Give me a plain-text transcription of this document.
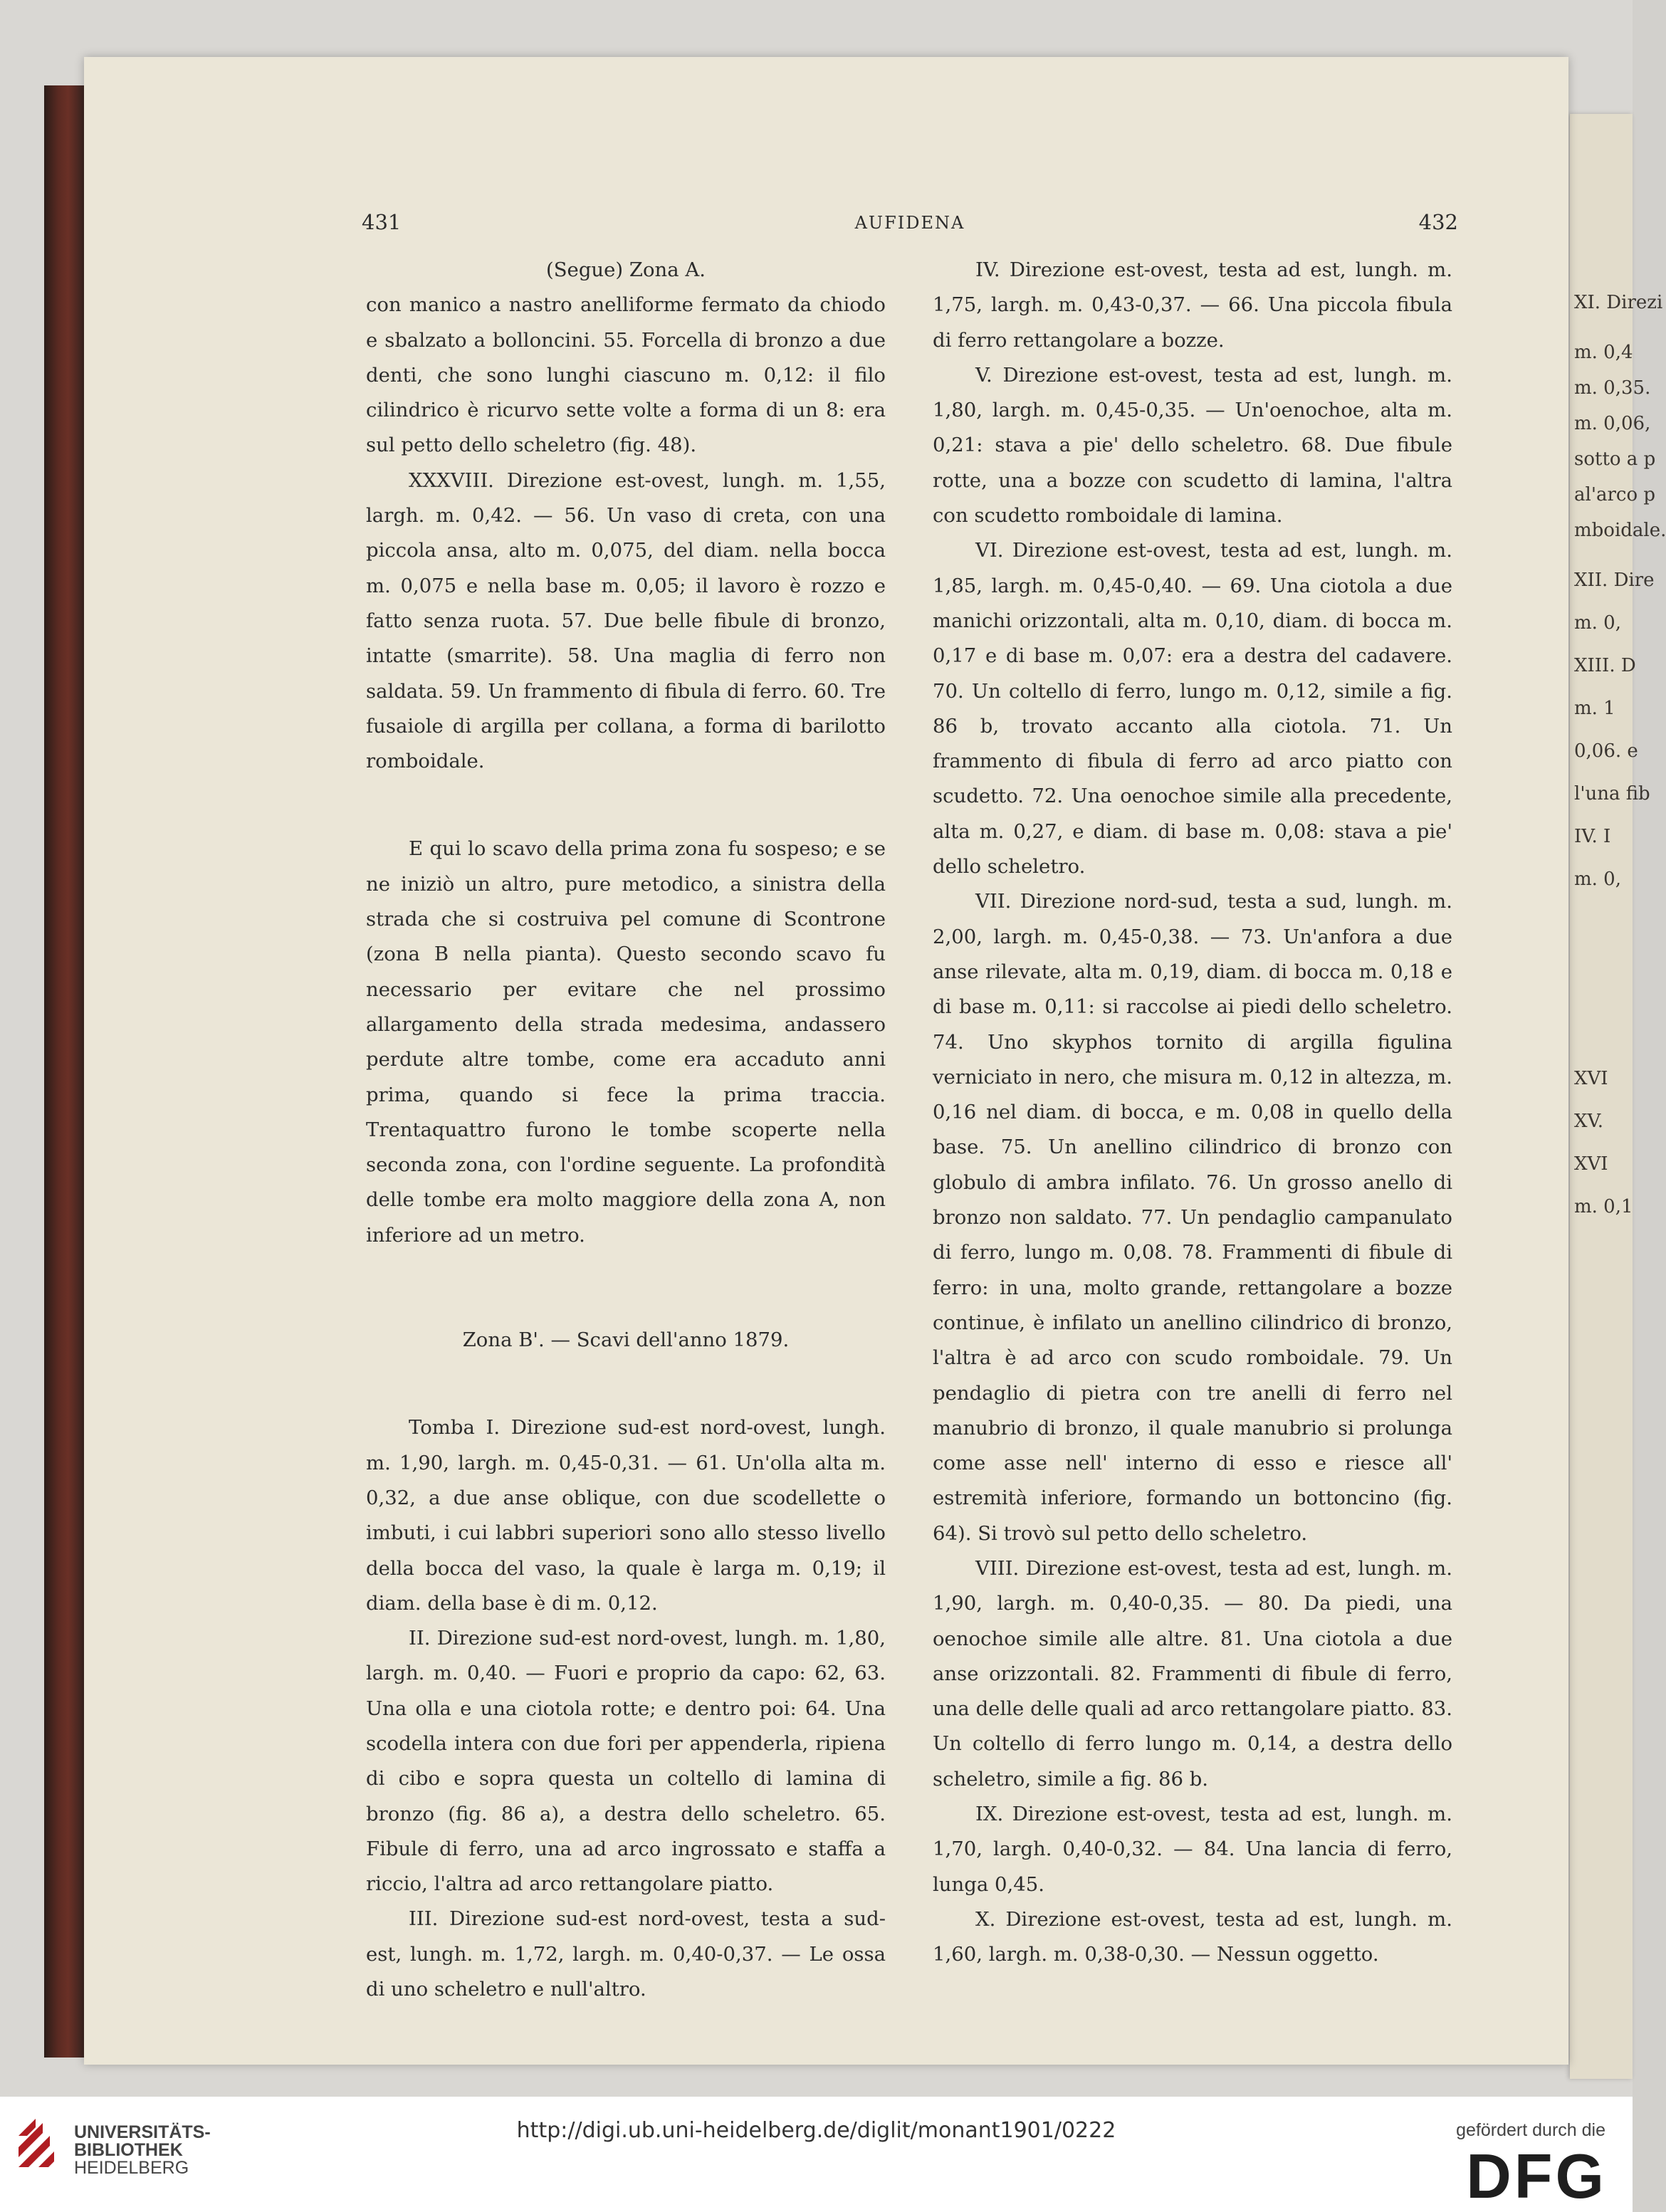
XI. Direzi
m. 0,4
m. 0,35.
m. 0,06,
sotto a p
al'arco p
mboidale.
XII. Dire
m. 0,
XIII. D
m. 1
0,06. e
l'una fib
IV. I
m. 0,
XVI
XV.
XVI
m. 0,1
431	AUFIDENA	432

(Segue) Zona A.

con manico a nastro anelliforme fermato da chiodo e sbalzato a bolloncini. 55. Forcella di bronzo a due denti, che sono lunghi ciascuno m. 0,12: il filo cilindrico è ricurvo sette volte a forma di un 8: era sul petto dello scheletro (fig. 48).

XXXVIII. Direzione est-ovest, lungh. m. 1,55, largh. m. 0,42. — 56. Un vaso di creta, con una piccola ansa, alto m. 0,075, del diam. nella bocca m. 0,075 e nella base m. 0,05; il lavoro è rozzo e fatto senza ruota. 57. Due belle fibule di bronzo, intatte (smarrite). 58. Una maglia di ferro non saldata. 59. Un frammento di fibula di ferro. 60. Tre fusaiole di argilla per collana, a forma di barilotto romboidale.

E qui lo scavo della prima zona fu sospeso; e se ne iniziò un altro, pure metodico, a sinistra della strada che si costruiva pel comune di Scontrone (zona B nella pianta). Questo secondo scavo fu necessario per evitare che nel prossimo allargamento della strada medesima, andassero perdute altre tombe, come era accaduto anni prima, quando si fece la prima traccia. Trentaquattro furono le tombe scoperte nella seconda zona, con l'ordine seguente. La profondità delle tombe era molto maggiore della zona A, non inferiore ad un metro.

Zona B'. — Scavi dell'anno 1879.

Tomba I. Direzione sud-est nord-ovest, lungh. m. 1,90, largh. m. 0,45-0,31. — 61. Un'olla alta m. 0,32, a due anse oblique, con due scodellette o imbuti, i cui labbri superiori sono allo stesso livello della bocca del vaso, la quale è larga m. 0,19; il diam. della base è di m. 0,12.

II. Direzione sud-est nord-ovest, lungh. m. 1,80, largh. m. 0,40. — Fuori e proprio da capo: 62, 63. Una olla e una ciotola rotte; e dentro poi: 64. Una scodella intera con due fori per appenderla, ripiena di cibo e sopra questa un coltello di lamina di bronzo (fig. 86 a), a destra dello scheletro. 65. Fibule di ferro, una ad arco ingrossato e staffa a riccio, l'altra ad arco rettangolare piatto.

III. Direzione sud-est nord-ovest, testa a sud-est, lungh. m. 1,72, largh. m. 0,40-0,37. — Le ossa di uno scheletro e null'altro.

IV. Direzione est-ovest, testa ad est, lungh. m. 1,75, largh. m. 0,43-0,37. — 66. Una piccola fibula di ferro rettangolare a bozze.

V. Direzione est-ovest, testa ad est, lungh. m. 1,80, largh. m. 0,45-0,35. — Un'oenochoe, alta m. 0,21: stava a pie' dello scheletro. 68. Due fibule rotte, una a bozze con scudetto di lamina, l'altra con scudetto romboidale di lamina.

VI. Direzione est-ovest, testa ad est, lungh. m. 1,85, largh. m. 0,45-0,40. — 69. Una ciotola a due manichi orizzontali, alta m. 0,10, diam. di bocca m. 0,17 e di base m. 0,07: era a destra del cadavere. 70. Un coltello di ferro, lungo m. 0,12, simile a fig. 86 b, trovato accanto alla ciotola. 71. Un frammento di fibula di ferro ad arco piatto con scudetto. 72. Una oenochoe simile alla precedente, alta m. 0,27, e diam. di base m. 0,08: stava a pie' dello scheletro.

VII. Direzione nord-sud, testa a sud, lungh. m. 2,00, largh. m. 0,45-0,38. — 73. Un'anfora a due anse rilevate, alta m. 0,19, diam. di bocca m. 0,18 e di base m. 0,11: si raccolse ai piedi dello scheletro. 74. Uno skyphos tornito di argilla figulina verniciato in nero, che misura m. 0,12 in altezza, m. 0,16 nel diam. di bocca, e m. 0,08 in quello della base. 75. Un anellino cilindrico di bronzo con globulo di ambra infilato. 76. Un grosso anello di bronzo non saldato. 77. Un pendaglio campanulato di ferro, lungo m. 0,08. 78. Frammenti di fibule di ferro: in una, molto grande, rettangolare a bozze continue, è infilato un anellino cilindrico di bronzo, l'altra è ad arco con scudo romboidale. 79. Un pendaglio di pietra con tre anelli di ferro nel manubrio di bronzo, il quale manubrio si prolunga come asse nell' interno di esso e riesce all' estremità inferiore, formando un bottoncino (fig. 64). Si trovò sul petto dello scheletro.

VIII. Direzione est-ovest, testa ad est, lungh. m. 1,90, largh. m. 0,40-0,35. — 80. Da piedi, una oenochoe simile alle altre. 81. Una ciotola a due anse orizzontali. 82. Frammenti di fibule di ferro, una delle delle quali ad arco rettangolare piatto. 83. Un coltello di ferro lungo m. 0,14, a destra dello scheletro, simile a fig. 86 b.

IX. Direzione est-ovest, testa ad est, lungh. m. 1,70, largh. 0,40-0,32. — 84. Una lancia di ferro, lunga 0,45.

X. Direzione est-ovest, testa ad est, lungh. m. 1,60, largh. m. 0,38-0,30. — Nessun oggetto.

UNIVERSITÄTS-
BIBLIOTHEK
HEIDELBERG
http://digi.ub.uni-heidelberg.de/diglit/monant1901/0222	gefördert durch die
DFG
